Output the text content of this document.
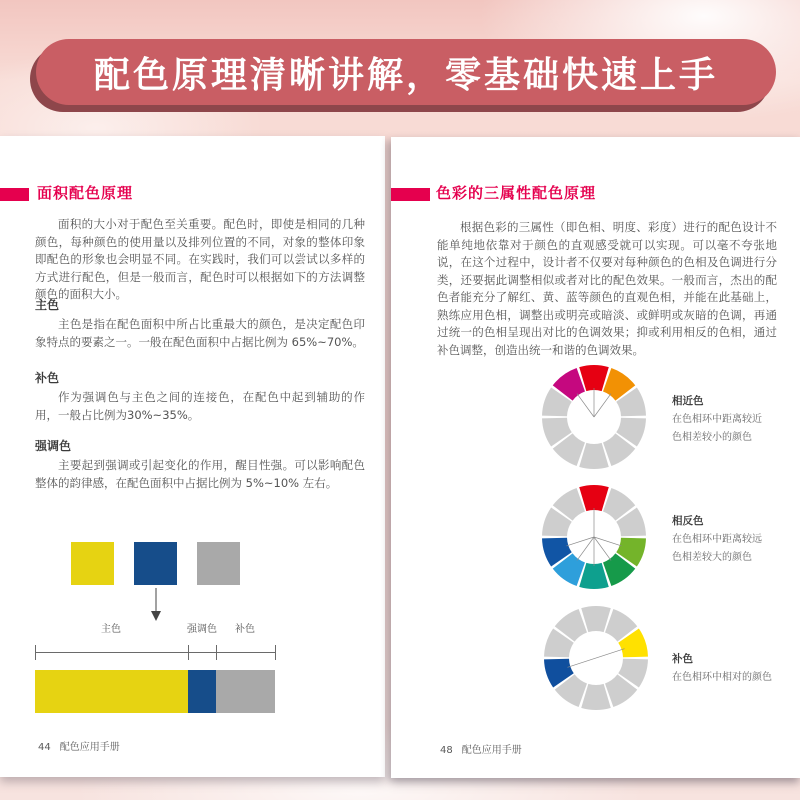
配色原理清晰讲解，零基础快速上手
面积配色原理
面积的大小对于配色至关重要。配色时，即使是相同的几种颜色，每种颜色的使用量以及排列位置的不同，对象的整体印象即配色的形象也会明显不同。在实践时，我们可以尝试以多样的方式进行配色，但是一般而言，配色时可以根据如下的方法调整颜色的面积大小。
主色
主色是指在配色面积中所占比重最大的颜色，是决定配色印象特点的要素之一。一般在配色面积中占据比例为 65%~70%。
补色
作为强调色与主色之间的连接色，在配色中起到辅助的作用，一般占比例为30%~35%。
强调色
主要起到强调或引起变化的作用，醒目性强。可以影响配色整体的韵律感，在配色面积中占据比例为 5%~10% 左右。
主色	强调色 补色
44 配色应用手册
色彩的三属性配色原理
根据色彩的三属性（即色相、明度、彩度）进行的配色设计不能单纯地依靠对于颜色的直观感受就可以实现。可以毫不夸张地说，在这个过程中，设计者不仅要对每种颜色的色相及色调进行分类，还要据此调整相似或者对比的配色效果。一般而言，杰出的配色者能充分了解红、黄、蓝等颜色的直观色相，并能在此基础上，熟练应用色相，调整出或明亮或暗淡、或鲜明或灰暗的色调，再通过统一的色相呈现出对比的色调效果；抑或利用相反的色相，通过补色调整，创造出统一和谐的色调效果。
相近色
在色相环中距离较近
色相差较小的颜色
相反色
在色相环中距离较远
色相差较大的颜色
补色
在色相环中相对的颜色
48 配色应用手册
